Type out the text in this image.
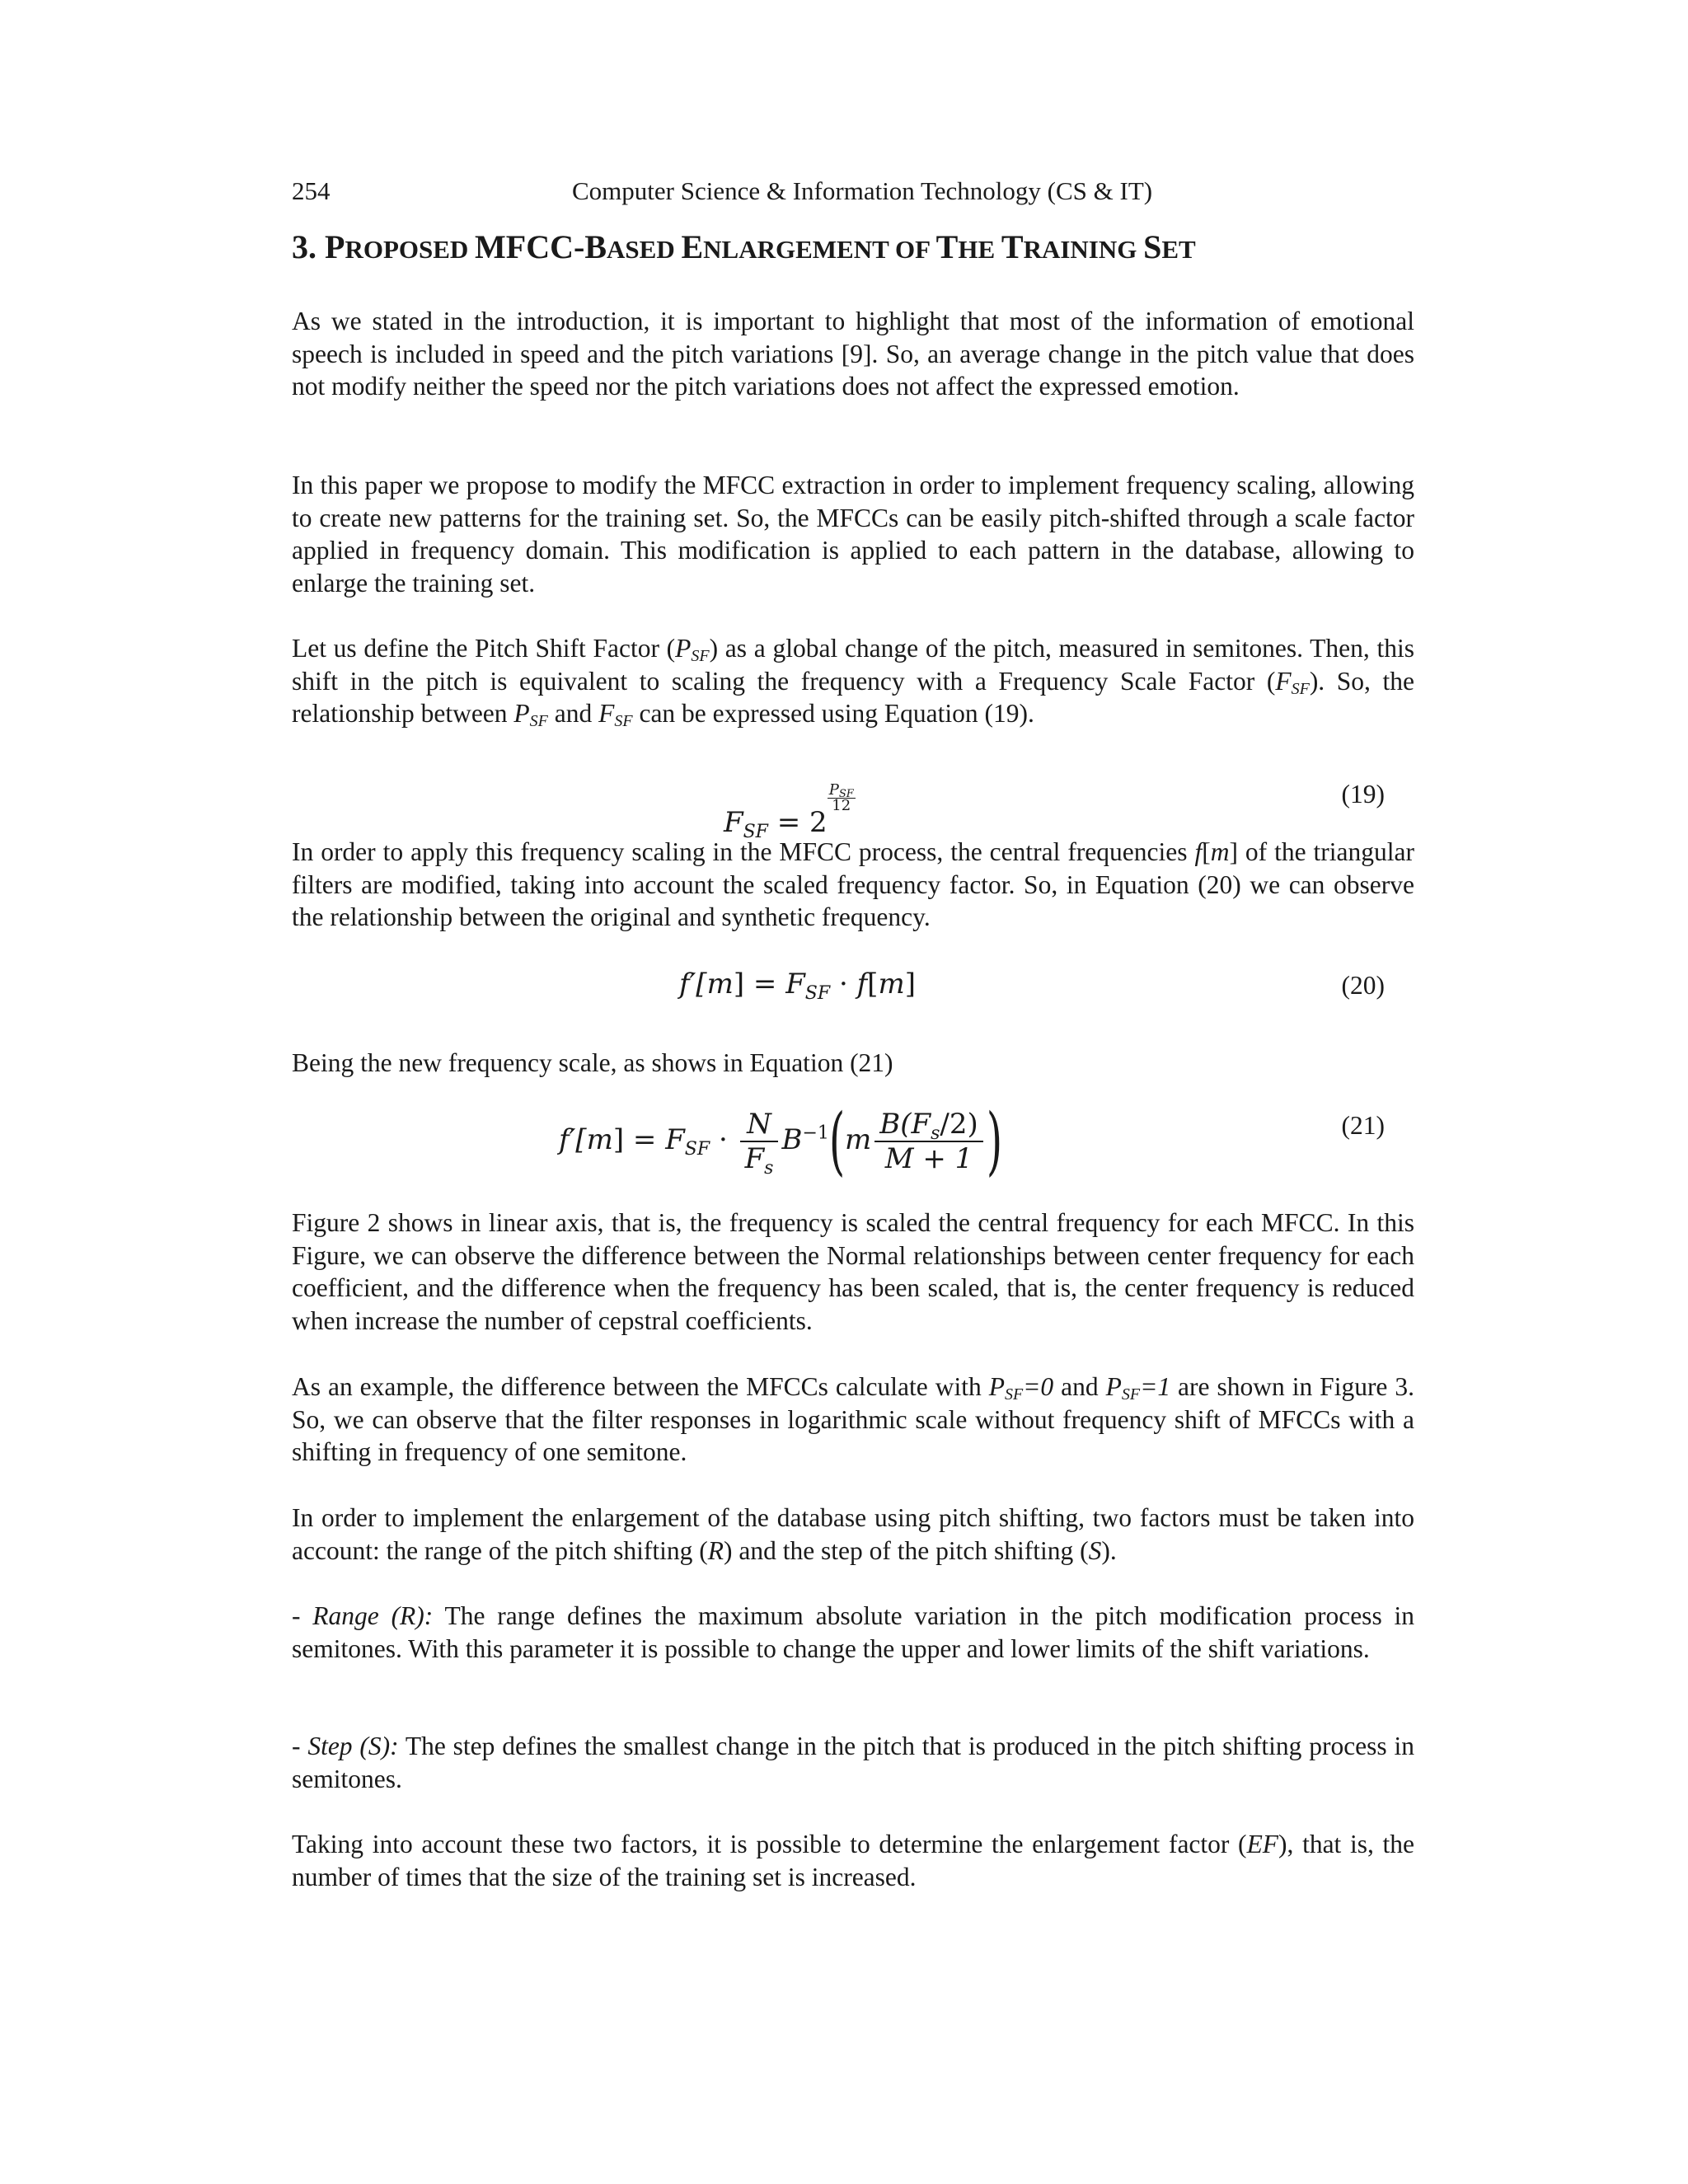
254	Computer Science & Information Technology (CS & IT)
3. PROPOSED MFCC-BASED ENLARGEMENT OF THE TRAINING SET

As we stated in the introduction, it is important to highlight that most of the information of emotional speech is included in speed and the pitch variations [9]. So, an average change in the pitch value that does not modify neither the speed nor the pitch variations does not affect the expressed emotion.

In this paper we propose to modify the MFCC extraction in order to implement frequency scaling, allowing to create new patterns for the training set. So, the MFCCs can be easily pitch-shifted through a scale factor applied in frequency domain. This modification is applied to each pattern in the database, allowing to enlarge the training set.

Let us define the Pitch Shift Factor $(P_{SF})$ as a global change of the pitch, measured in semitones. Then, this shift in the pitch is equivalent to scaling the frequency with a Frequency Scale Factor $(F_{SF})$. So, the relationship between $P_{SF}$ and $F_{SF}$ can be expressed using Equation (19).

$F_{SF} = 2$
$\frac{P_{SF}}{12}$	(19)

In order to apply this frequency scaling in the MFCC process, the central frequencies f[m] of the triangular filters are modified, taking into account the scaled frequency factor. So, in Equation (20) we can observe the relationship between the original and synthetic frequency.

$f'[m] = F_{SF} \cdot f[m]$	(20)

Being the new frequency scale, as shows in Equation (21)

$f'[m] = F_{SF} \cdot \frac{N}{F_s} B^{-1}(m \frac{B(F_s/2)}{M + 1}$ )	(21)

Figure 2 shows in linear axis, that is, the frequency is scaled the central frequency for each MFCC. In this Figure, we can observe the difference between the Normal relationships between center frequency for each coefficient, and the difference when the frequency has been scaled, that is, the center frequency is reduced when increase the number of cepstral coefficients.

As an example, the difference between the MFCCs calculate with $P_{SF}=0$ and $P_{SF}=1$ are shown in Figure 3. So, we can observe that the filter responses in logarithmic scale without frequency shift of MFCCs with a shifting in frequency of one semitone.

In order to implement the enlargement of the database using pitch shifting, two factors must be taken into account: the range of the pitch shifting (R) and the step of the pitch shifting (S).

- Range (R): The range defines the maximum absolute variation in the pitch modification process in semitones. With this parameter it is possible to change the upper and lower limits of the shift variations.

- Step (S): The step defines the smallest change in the pitch that is produced in the pitch shifting process in semitones.

Taking into account these two factors, it is possible to determine the enlargement factor (EF), that is, the number of times that the size of the training set is increased.
